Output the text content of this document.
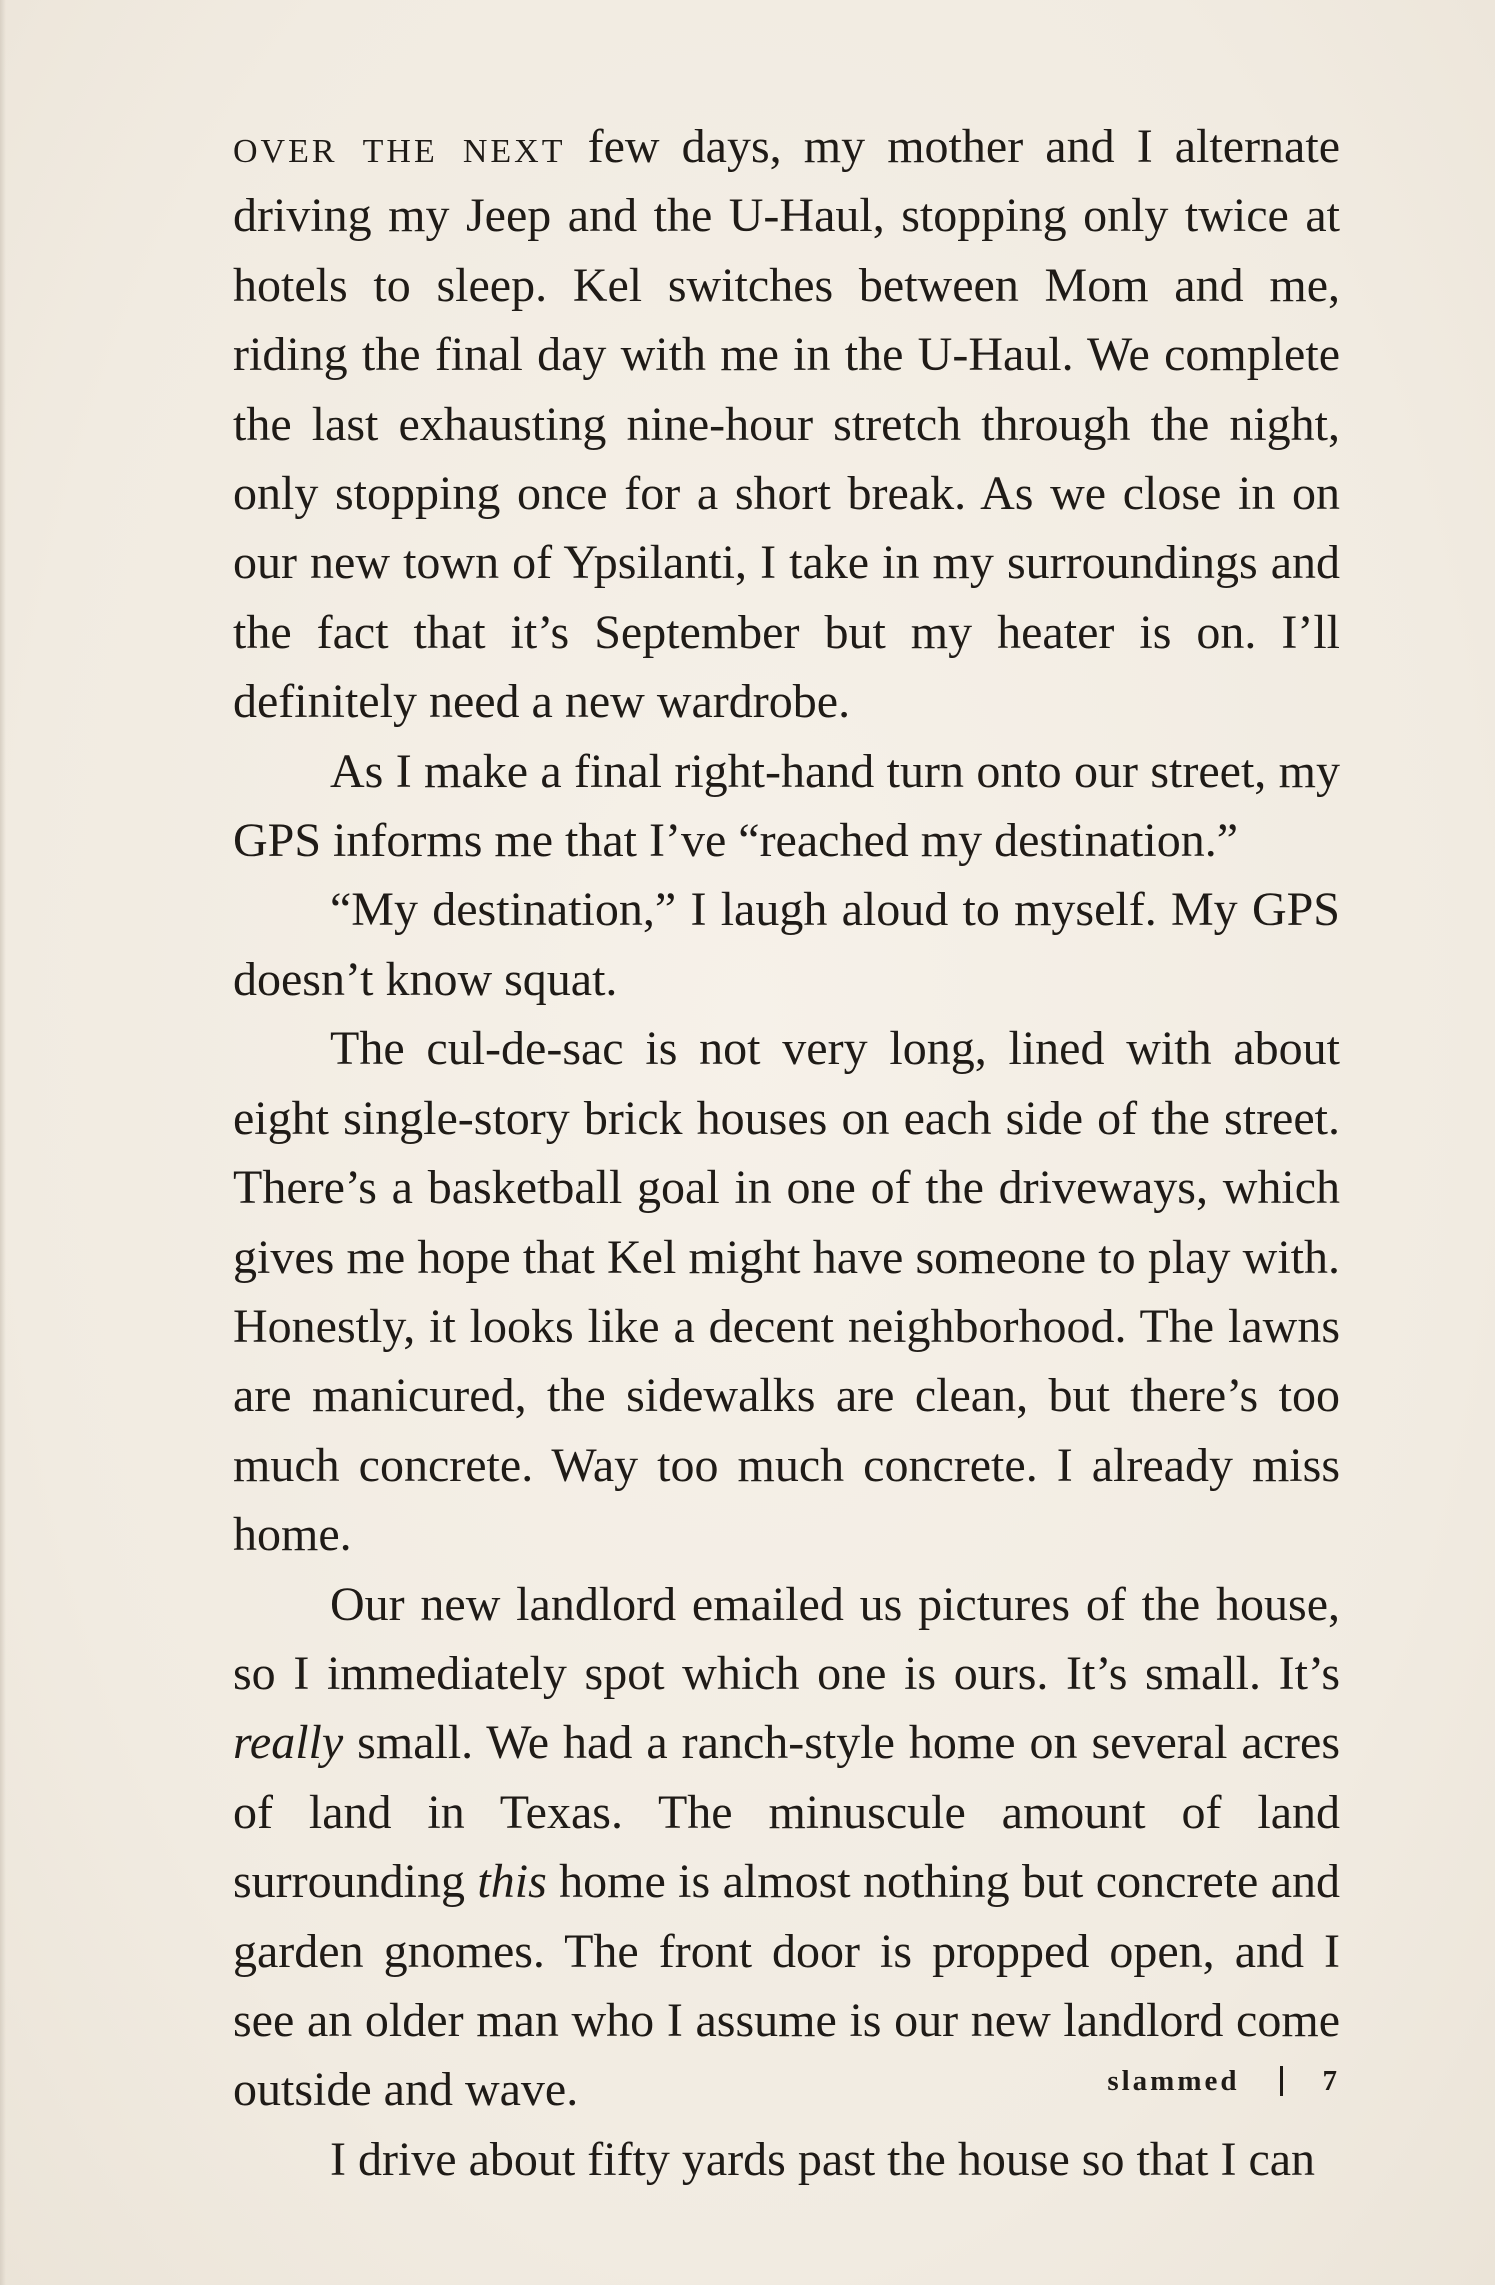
over the next few days, my mother and I alternate driving my Jeep and the U-Haul, stopping only twice at hotels to sleep. Kel switches between Mom and me, riding the final day with me in the U-Haul. We complete the last exhausting nine-hour stretch through the night, only stopping once for a short break. As we close in on our new town of Ypsilanti, I take in my surroundings and the fact that it’s September but my heater is on. I’ll definitely need a new wardrobe.

As I make a final right-hand turn onto our street, my GPS informs me that I’ve “reached my destination.”

“My destination,” I laugh aloud to myself. My GPS doesn’t know squat.

The cul-de-sac is not very long, lined with about eight single-story brick houses on each side of the street. There’s a basketball goal in one of the driveways, which gives me hope that Kel might have someone to play with. Honestly, it looks like a decent neighborhood. The lawns are manicured, the sidewalks are clean, but there’s too much concrete. Way too much concrete. I already miss home.

Our new landlord emailed us pictures of the house, so I immediately spot which one is ours. It’s small. It’s really small. We had a ranch-style home on several acres of land in Texas. The minuscule amount of land surrounding this home is almost nothing but concrete and garden gnomes. The front door is propped open, and I see an older man who I assume is our new landlord come outside and wave.

I drive about fifty yards past the house so that I can

slammed	7
